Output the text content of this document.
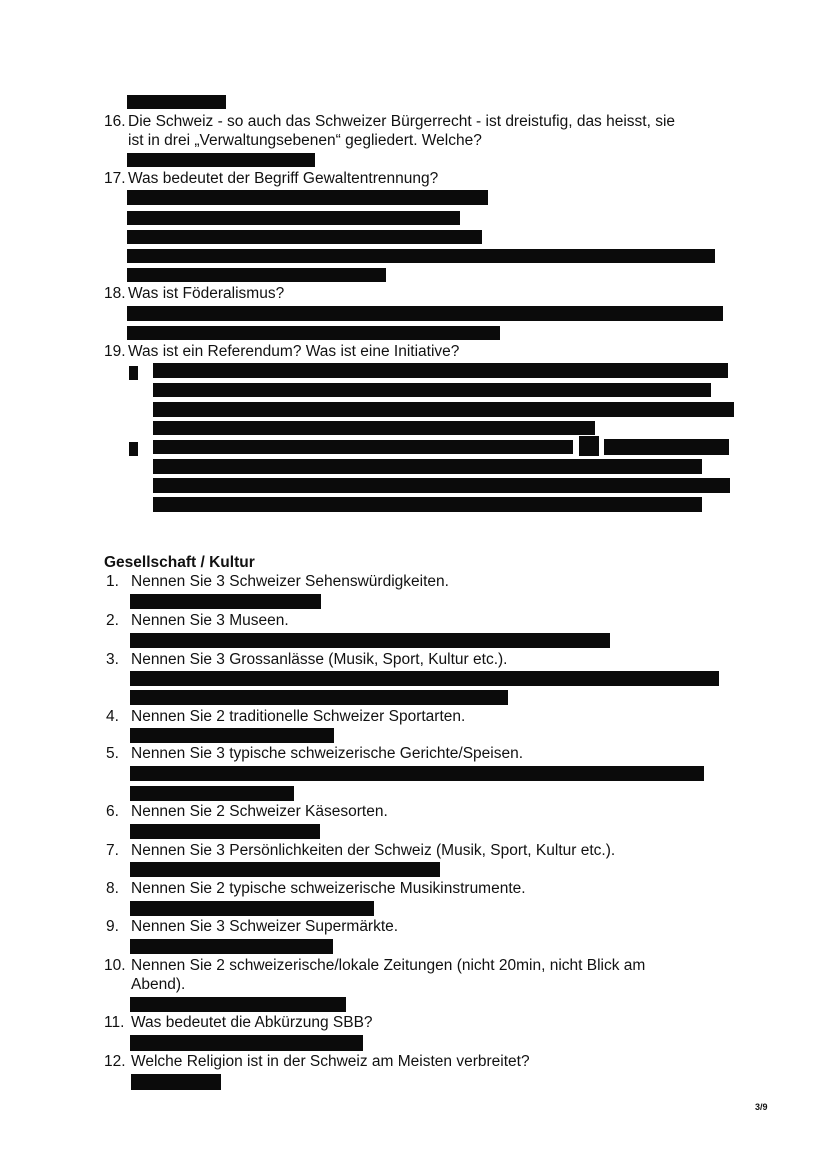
16. Die Schweiz - so auch das Schweizer Bürgerrecht - ist dreistufig, das heisst, sie
ist in drei „Verwaltungsebenen“ gegliedert. Welche?
17. Was bedeutet der Begriff Gewaltentrennung?
18. Was ist Föderalismus?
19. Was ist ein Referendum? Was ist eine Initiative?
Gesellschaft / Kultur
1. Nennen Sie 3 Schweizer Sehenswürdigkeiten.
2. Nennen Sie 3 Museen.
3. Nennen Sie 3 Grossanlässe (Musik, Sport, Kultur etc.).
4. Nennen Sie 2 traditionelle Schweizer Sportarten.
5. Nennen Sie 3 typische schweizerische Gerichte/Speisen.
6. Nennen Sie 2 Schweizer Käsesorten.
7. Nennen Sie 3 Persönlichkeiten der Schweiz (Musik, Sport, Kultur etc.).
8. Nennen Sie 2 typische schweizerische Musikinstrumente.
9. Nennen Sie 3 Schweizer Supermärkte.
10. Nennen Sie 2 schweizerische/lokale Zeitungen (nicht 20min, nicht Blick am
Abend).
11. Was bedeutet die Abkürzung SBB?
12. Welche Religion ist in der Schweiz am Meisten verbreitet?
3/9
